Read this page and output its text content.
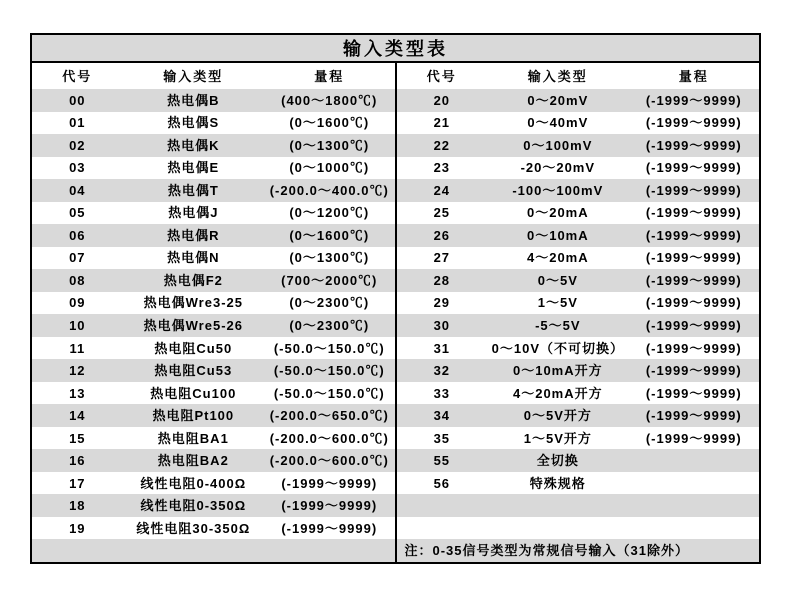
输入类型表
代号	输入类型	量程
00	热电偶B	(400～1800℃)
01	热电偶S	(0～1600℃)
02	热电偶K	(0～1300℃)
03	热电偶E	(0～1000℃)
04	热电偶T	(-200.0～400.0℃)
05	热电偶J	(0～1200℃)
06	热电偶R	(0～1600℃)
07	热电偶N	(0～1300℃)
08	热电偶F2	(700～2000℃)
09	热电偶Wre3-25	(0～2300℃)
10	热电偶Wre5-26	(0～2300℃)
11	热电阻Cu50	(-50.0～150.0℃)
12	热电阻Cu53	(-50.0～150.0℃)
13	热电阻Cu100	(-50.0～150.0℃)
14	热电阻Pt100	(-200.0～650.0℃)
15	热电阻BA1	(-200.0～600.0℃)
16	热电阻BA2	(-200.0～600.0℃)
17	线性电阻0-400Ω	(-1999～9999)
18	线性电阻0-350Ω	(-1999～9999)
19	线性电阻30-350Ω	(-1999～9999)
代号	输入类型	量程
20	0～20mV	(-1999～9999)
21	0～40mV	(-1999～9999)
22	0～100mV	(-1999～9999)
23	-20～20mV	(-1999～9999)
24	-100～100mV	(-1999～9999)
25	0～20mA	(-1999～9999)
26	0～10mA	(-1999～9999)
27	4～20mA	(-1999～9999)
28	0～5V	(-1999～9999)
29	1～5V	(-1999～9999)
30	-5～5V	(-1999～9999)
31	0～10V（不可切换）	(-1999～9999)
32	0～10mA开方	(-1999～9999)
33	4～20mA开方	(-1999～9999)
34	0～5V开方	(-1999～9999)
35	1～5V开方	(-1999～9999)
55	全切换
56	特殊规格
注：0-35信号类型为常规信号输入（31除外）
